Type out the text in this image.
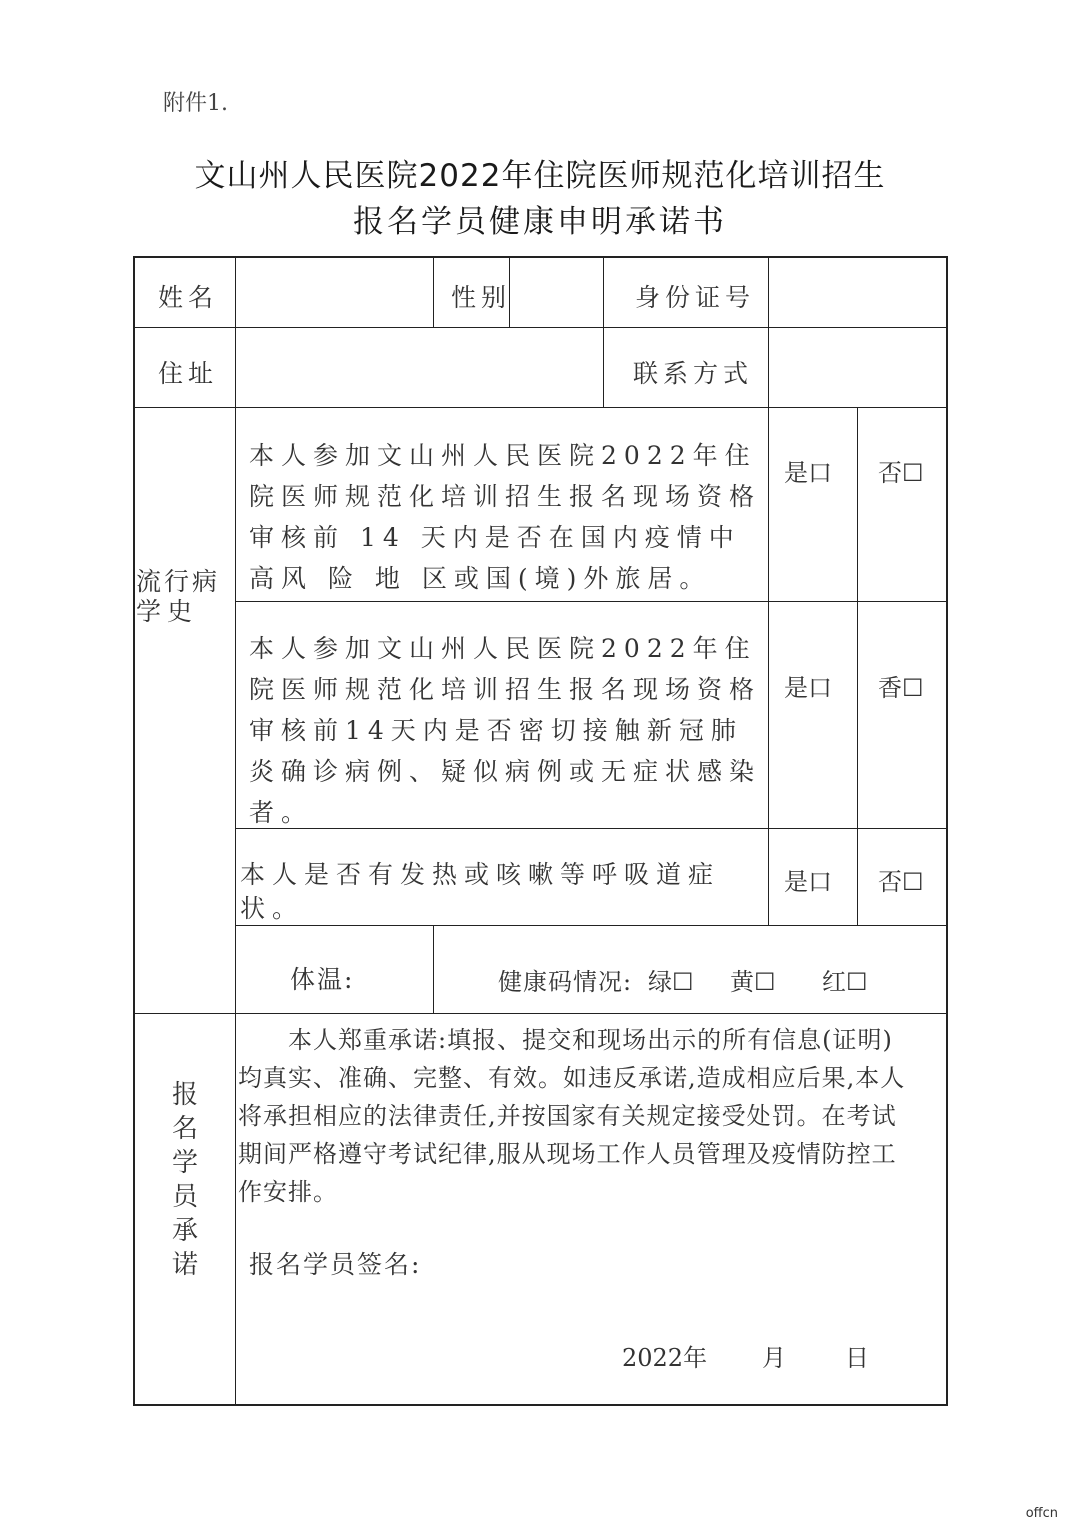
附件1.
文山州人民医院2022年住院医师规范化培训招生
报名学员健康申明承诺书
姓名	性别	身份证号
住址	联系方式
流行病
学史
本人参加文山州人民医院2022年住院医师规范化培训招生报名现场资格审核前 14 天内是否在国内疫情中高风 险 地 区或国(境)外旅居。
是口 否☐
本人参加文山州人民医院2022年住院医师规范化培训招生报名现场资格审核前14天内是否密切接触新冠肺 炎确诊病例、疑似病例或无症状感染者。
是口 香☐
本人是否有发热或咳嗽等呼吸道症状。
是口 否☐
体温:	健康码情况: 绿☐ 黄☐ 红☐
报名学员承诺
本人郑重承诺:填报、提交和现场出示的所有信息(证明)均真实、准确、完整、有效。如违反承诺,造成相应后果,本人将承担相应的法律责任,并按国家有关规定接受处罚。在考试期间严格遵守考试纪律,服从现场工作人员管理及疫情防控工作安排。
报名学员签名:
2022年 月 日
offcn
